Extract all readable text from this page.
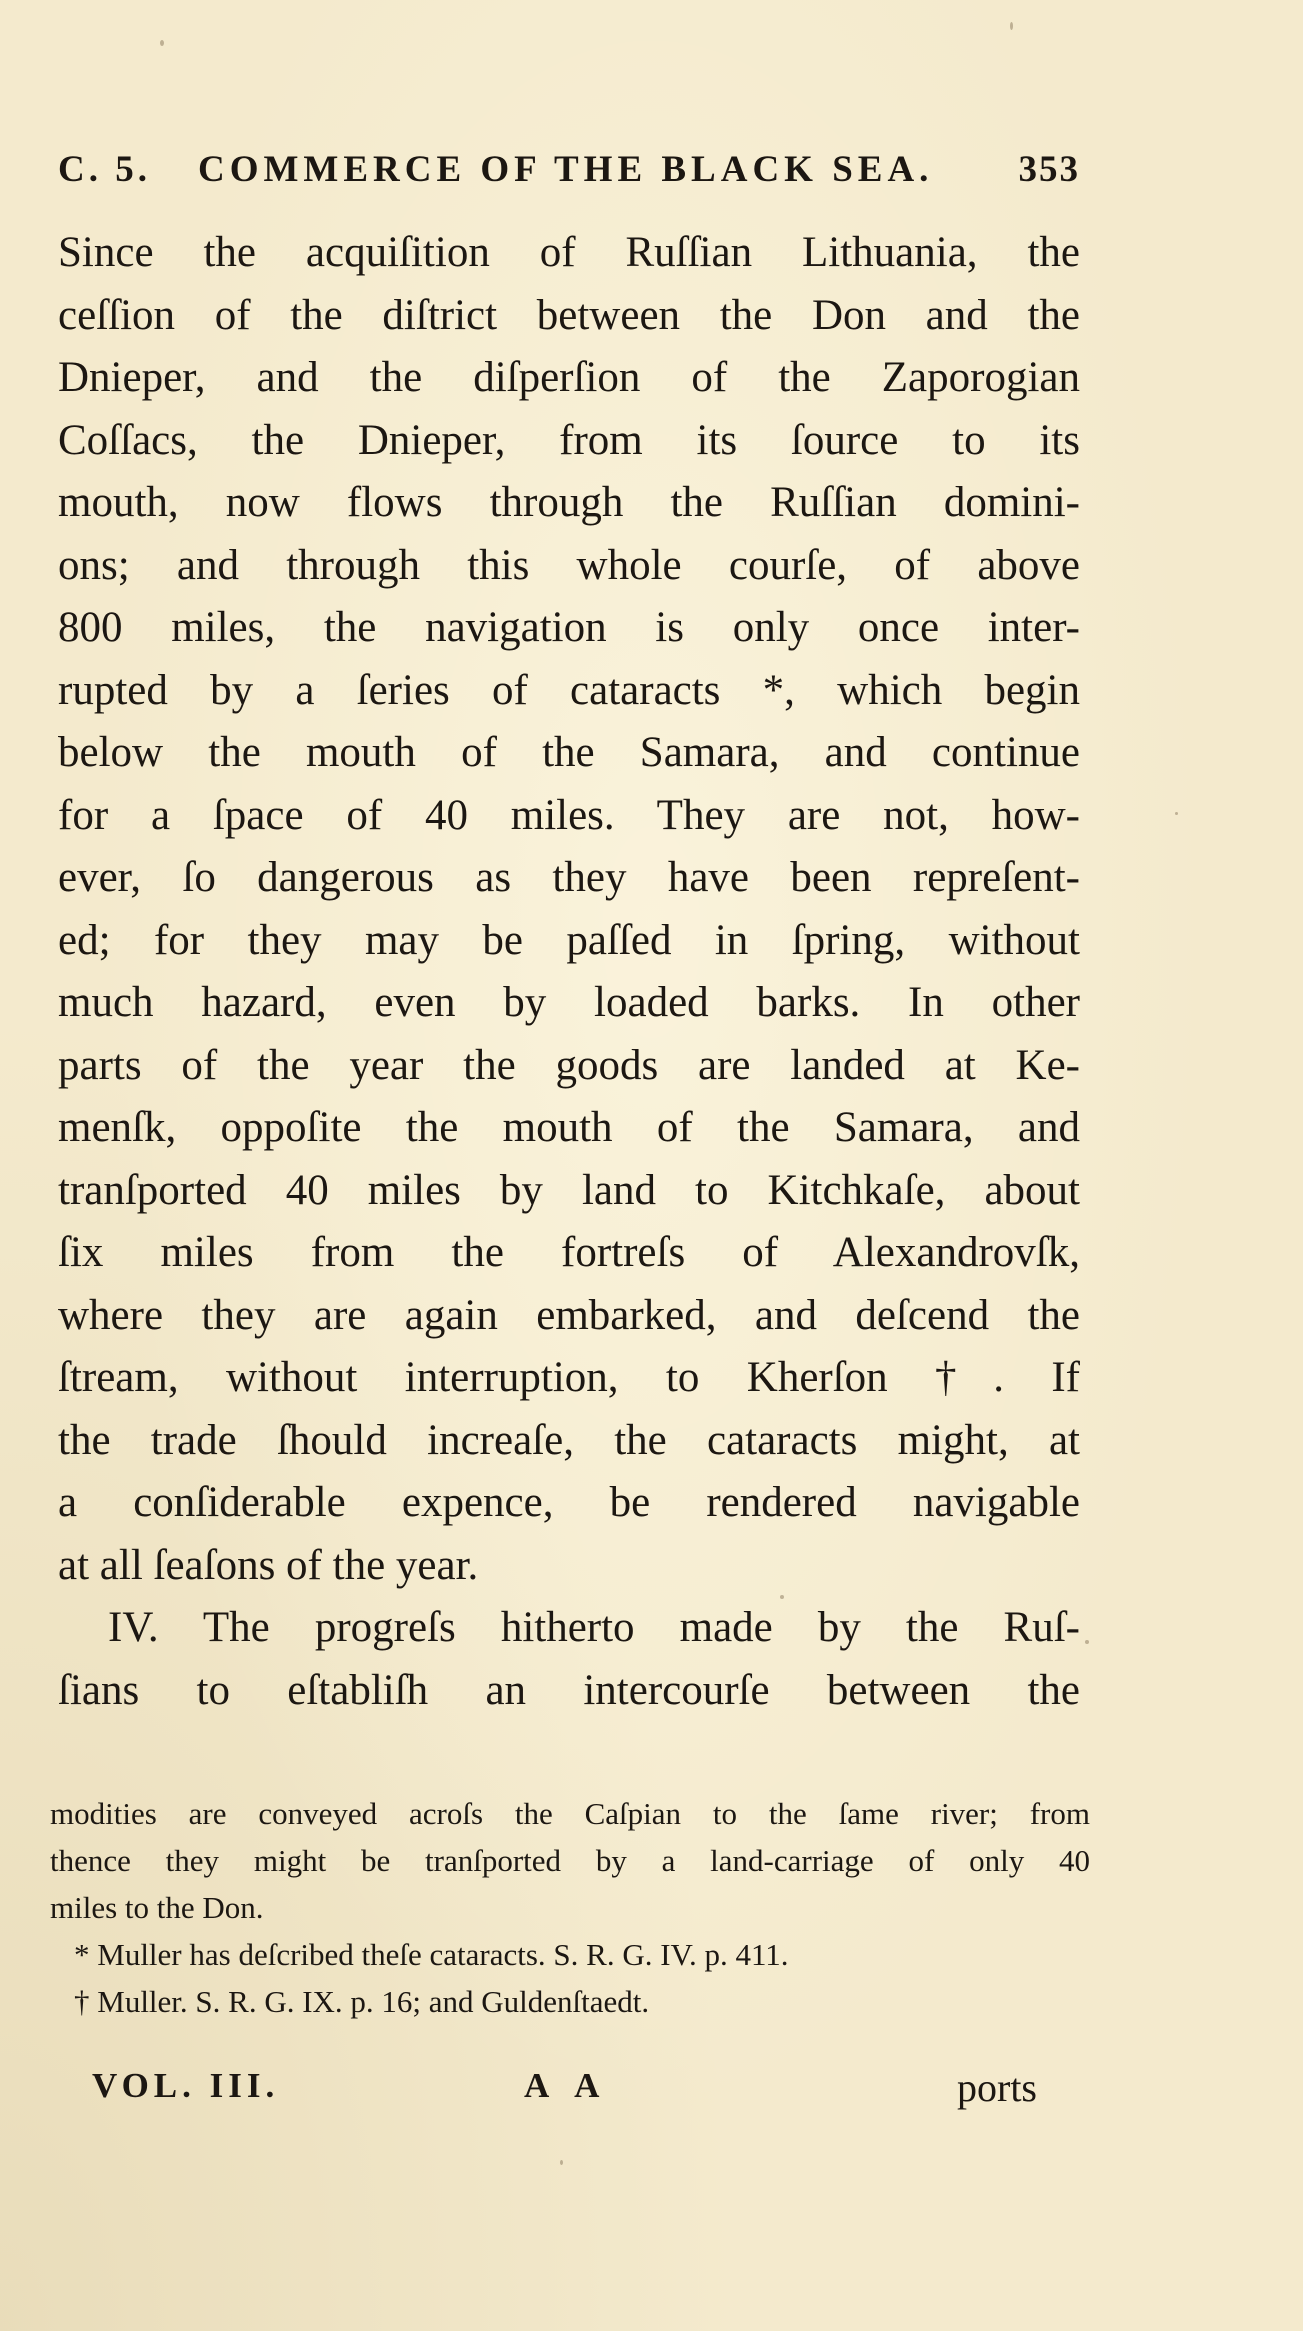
C. 5. COMMERCE OF THE BLACK SEA. 353
Since the acquiſition of Ruſſian Lithuania, the
ceſſion of the diſtrict between the Don and the
Dnieper, and the diſperſion of the Zaporogian
Coſſacs, the Dnieper, from its ſource to its
mouth, now flows through the Ruſſian domini-
ons; and through this whole courſe, of above
800 miles, the navigation is only once inter-
rupted by a ſeries of cataracts *, which begin
below the mouth of the Samara, and continue
for a ſpace of 40 miles. They are not, how-
ever, ſo dangerous as they have been repreſent-
ed; for they may be paſſed in ſpring, without
much hazard, even by loaded barks. In other
parts of the year the goods are landed at Ke-
menſk, oppoſite the mouth of the Samara, and
tranſported 40 miles by land to Kitchkaſe, about
ſix miles from the fortreſs of Alexandrovſk,
where they are again embarked, and deſcend the
ſtream, without interruption, to Kherſon †. If
the trade ſhould increaſe, the cataracts might, at
a conſiderable expence, be rendered navigable
at all ſeaſons of the year.
IV. The progreſs hitherto made by the Ruſ-
ſians to eſtabliſh an intercourſe between the
modities are conveyed acroſs the Caſpian to the ſame river; from
thence they might be tranſported by a land-carriage of only 40
miles to the Don.
* Muller has deſcribed theſe cataracts. S. R. G. IV. p. 411.
† Muller. S. R. G. IX. p. 16; and Guldenſtaedt.
VOL. III.	A A	ports
